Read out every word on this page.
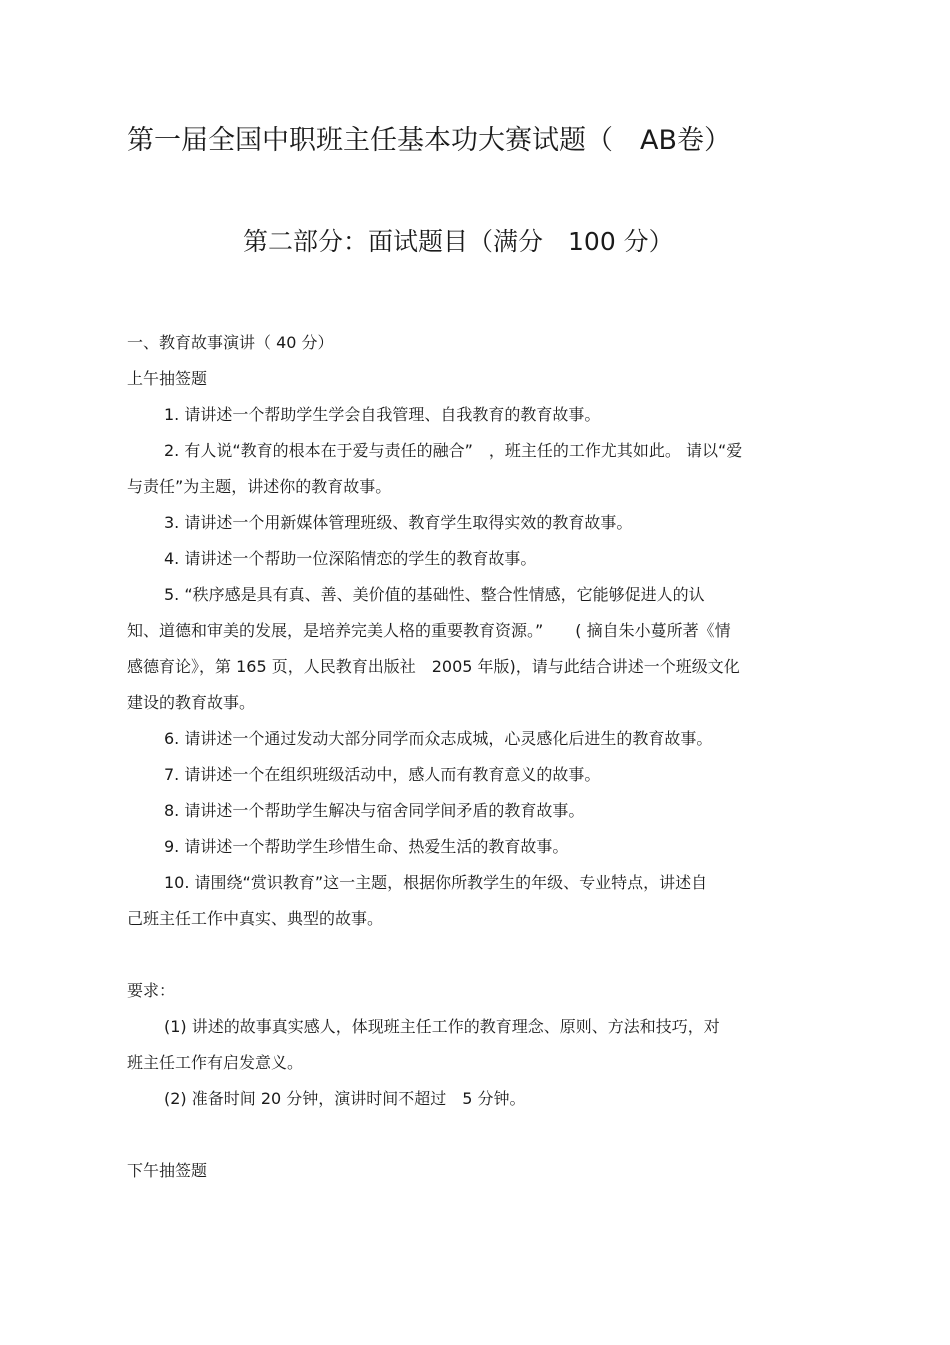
第一届全国中职班主任基本功大赛试题（　AB卷）
第二部分：面试题目（满分　100 分）
一、教育故事演讲（ 40 分）
上午抽签题
1. 请讲述一个帮助学生学会自我管理、自我教育的教育故事。
2. 有人说“教育的根本在于爱与责任的融合”　，班主任的工作尤其如此。 请以“爱
与责任”为主题，讲述你的教育故事。
3. 请讲述一个用新媒体管理班级、教育学生取得实效的教育故事。
4. 请讲述一个帮助一位深陷情恋的学生的教育故事。
5. “秩序感是具有真、善、美价值的基础性、整合性情感，它能够促进人的认
知、道德和审美的发展，是培养完美人格的重要教育资源。”　　( 摘自朱小蔓所著《情
感德育论》，第 165 页，人民教育出版社　2005 年版)，请与此结合讲述一个班级文化
建设的教育故事。
6. 请讲述一个通过发动大部分同学而众志成城，心灵感化后进生的教育故事。
7. 请讲述一个在组织班级活动中，感人而有教育意义的故事。
8. 请讲述一个帮助学生解决与宿舍同学间矛盾的教育故事。
9. 请讲述一个帮助学生珍惜生命、热爱生活的教育故事。
10. 请围绕“赏识教育”这一主题，根据你所教学生的年级、专业特点，讲述自
己班主任工作中真实、典型的故事。
要求：
(1) 讲述的故事真实感人，体现班主任工作的教育理念、原则、方法和技巧，对
班主任工作有启发意义。
(2) 准备时间 20 分钟，演讲时间不超过　5 分钟。
下午抽签题
